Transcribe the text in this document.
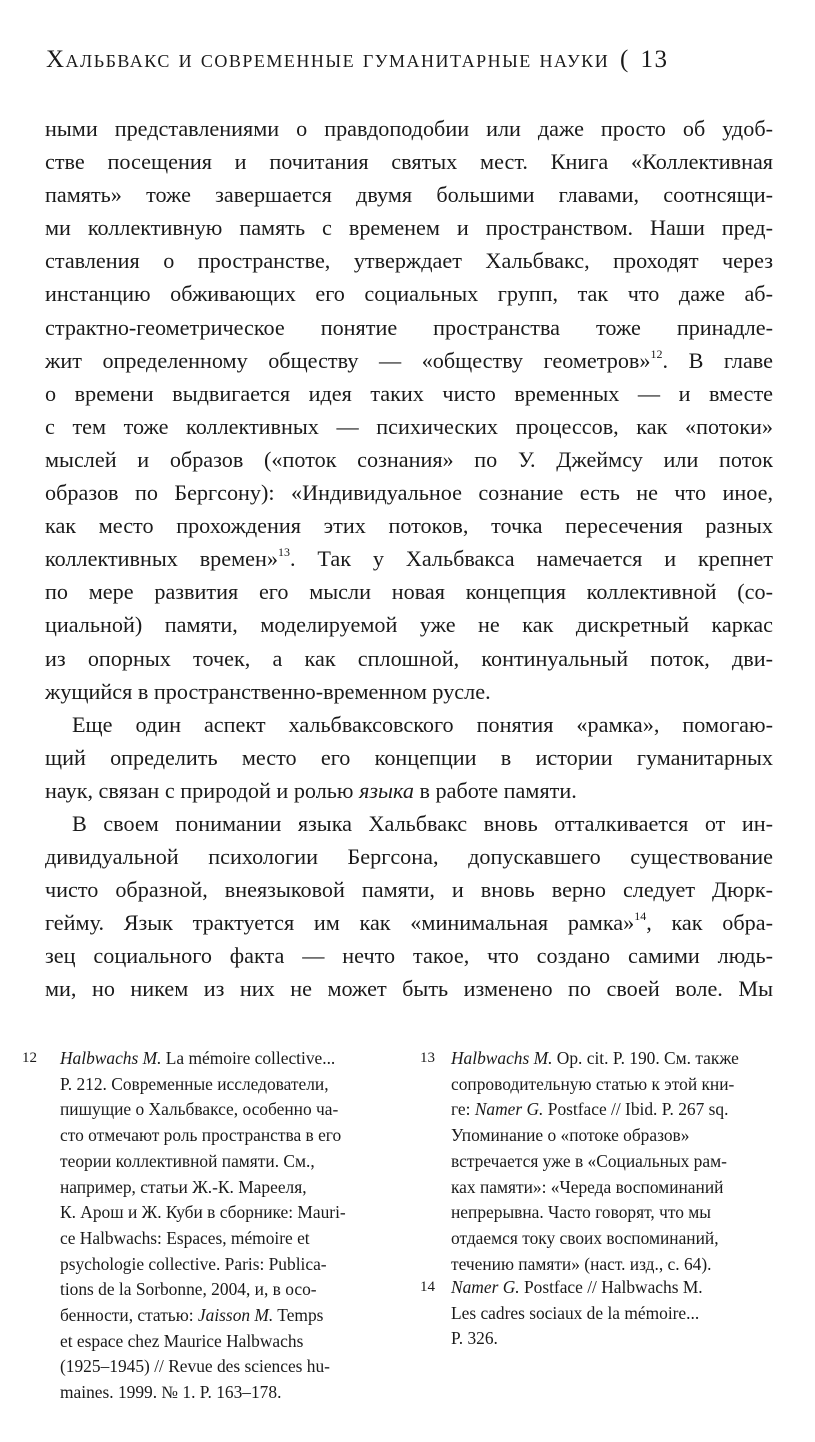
Хальбвакс и современные гуманитарные науки ( 13

ными представлениями о правдоподобии или даже просто об удоб-
стве посещения и почитания святых мест. Книга «Коллективная
память» тоже завершается двумя большими главами, соотнсящи-
ми коллективную память с временем и пространством. Наши пред-
ставления о пространстве, утверждает Хальбвакс, проходят через
инстанцию обживающих его социальных групп, так что даже аб-
страктно-геометрическое понятие пространства тоже принадле-
жит определенному обществу — «обществу геометров»$^{12}$. В главе
о времени выдвигается идея таких чисто временных — и вместе
с тем тоже коллективных — психических процессов, как «потоки»
мыслей и образов («поток сознания» по У. Джеймсу или поток
образов по Бергсону): «Индивидуальное сознание есть не что иное,
как место прохождения этих потоков, точка пересечения разных
коллективных времен»$^{13}$. Так у Хальбвакса намечается и крепнет
по мере развития его мысли новая концепция коллективной (со-
циальной) памяти, моделируемой уже не как дискретный каркас
из опорных точек, а как сплошной, континуальный поток, дви-
жущийся в пространственно-временном русле.

Еще один аспект хальбваксовского понятия «рамка», помогаю-
щий определить место его концепции в истории гуманитарных
наук, связан с природой и ролью языка в работе памяти.

В своем понимании языка Хальбвакс вновь отталкивается от ин-
дивидуальной психологии Бергсона, допускавшего существование
чисто образной, внеязыковой памяти, и вновь верно следует Дюрк-
гейму. Язык трактуется им как «минимальная рамка»$^{14}$, как обра-
зец социального факта — нечто такое, что создано самими людь-
ми, но никем из них не может быть изменено по своей воле. Мы

12 Halbwachs M. La mémoire collective...
P. 212. Современные исследователи,
пишущие о Хальбваксе, особенно ча-
сто отмечают роль пространства в его
теории коллективной памяти. См.,
например, статьи Ж.-К. Марееля,
К. Арош и Ж. Куби в сборнике: Mauri-
ce Halbwachs: Espaces, mémoire et
psychologie collective. Paris: Publica-
tions de la Sorbonne, 2004, и, в осо-
бенности, статью: Jaisson M. Temps
et espace chez Maurice Halbwachs
(1925–1945) // Revue des sciences hu-
maines. 1999. № 1. P. 163–178.
13 Halbwachs M. Op. cit. P. 190. См. также
сопроводительную статью к этой кни-
ге: Namer G. Postface // Ibid. P. 267 sq.
Упоминание о «потоке образов»
встречается уже в «Социальных рам-
ках памяти»: «Череда воспоминаний
непрерывна. Часто говорят, что мы
отдаемся току своих воспоминаний,
течению памяти» (наст. изд., с. 64).
14 Namer G. Postface // Halbwachs M.
Les cadres sociaux de la mémoire...
P. 326.
